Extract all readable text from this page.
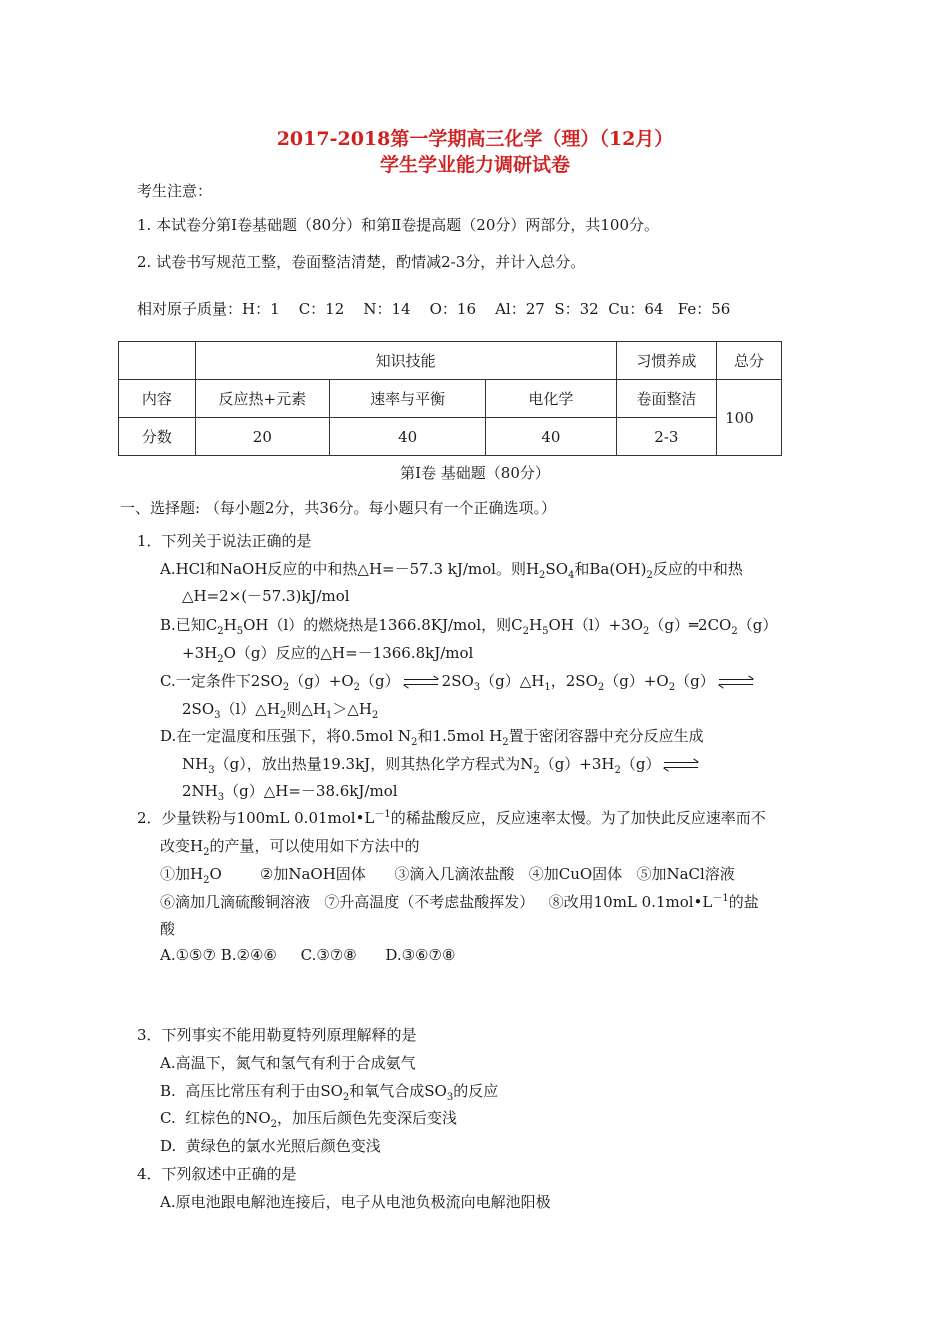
2017-2018第一学期高三化学（理）（12月）
学生学业能力调研试卷
考生注意：
1. 本试卷分第Ⅰ卷基础题（80分）和第Ⅱ卷提高题（20分）两部分，共100分。
2. 试卷书写规范工整，卷面整洁清楚，酌情减2-3分，并计入总分。
相对原子质量：H：1    C：12    N：14    O：16    Al：27  S：32  Cu：64   Fe：56
	知识技能			习惯养成	总分
内容	反应热+元素	速率与平衡	电化学	卷面整洁	100
分数	20	40	40	2-3	
第Ⅰ卷 基础题（80分）
一、选择题: （每小题2分，共36分。每小题只有一个正确选项。）
1．下列关于说法正确的是
A.HCl和NaOH反应的中和热△H=－57.3 kJ/mol。则$H_2SO_4$和$Ba(OH)_2$反应的中和热
△H=2×(－57.3)kJ/mol
B.已知$C_2H_5OH(l)$的燃烧热是1366.8KJ/mol，则$C_2H_5OH(l)+3O_2(g)═2CO_2(g)$
$+3H_2O(g)$反应的△H=－1366.8kJ/mol
C.一定条件下$2SO_2(g)+O_2(g)$	$2SO_3(g)\triangle H_1$，$2SO_2(g)+O_2(g)$
$2SO_3(l)\triangle H_2$则$\triangle H_1>\triangle H_2$
D.在一定温度和压强下，将0.5mol $N_2$和1.5mol $H_2$置于密闭容器中充分反应生成
$NH_3(g)$，放出热量19.3kJ，则其热化学方程式为$N_2(g)+3H_2(g)$
$2NH_3(g)\triangle H=-38.6kJ$/mol
2．少量铁粉与100mL $0.01mol•L^{-1}$的稀盐酸反应，反应速率太慢。为了加快此反应速率而不
改变$H_2$的产量，可以使用如下方法中的
①加$H_2O$        ②加NaOH固体      ③滴入几滴浓盐酸   ④加CuO固体   ⑤加NaCl溶液
⑥滴加几滴硫酸铜溶液   ⑦升高温度（不考虑盐酸挥发）   ⑧改用10mL $0.1mol•L^{-1}$的盐
酸
A.①⑤⑦ B.②④⑥     C.③⑦⑧      D.③⑥⑦⑧
3．下列事实不能用勒夏特列原理解释的是
A.高温下，氮气和氢气有利于合成氨气
B.  高压比常压有利于由$SO_2$和氧气合成$SO_3$的反应
C.  红棕色的$NO_2$，加压后颜色先变深后变浅
D.  黄绿色的氯水光照后颜色变浅
4．下列叙述中正确的是
A.原电池跟电解池连接后，电子从电池负极流向电解池阳极
